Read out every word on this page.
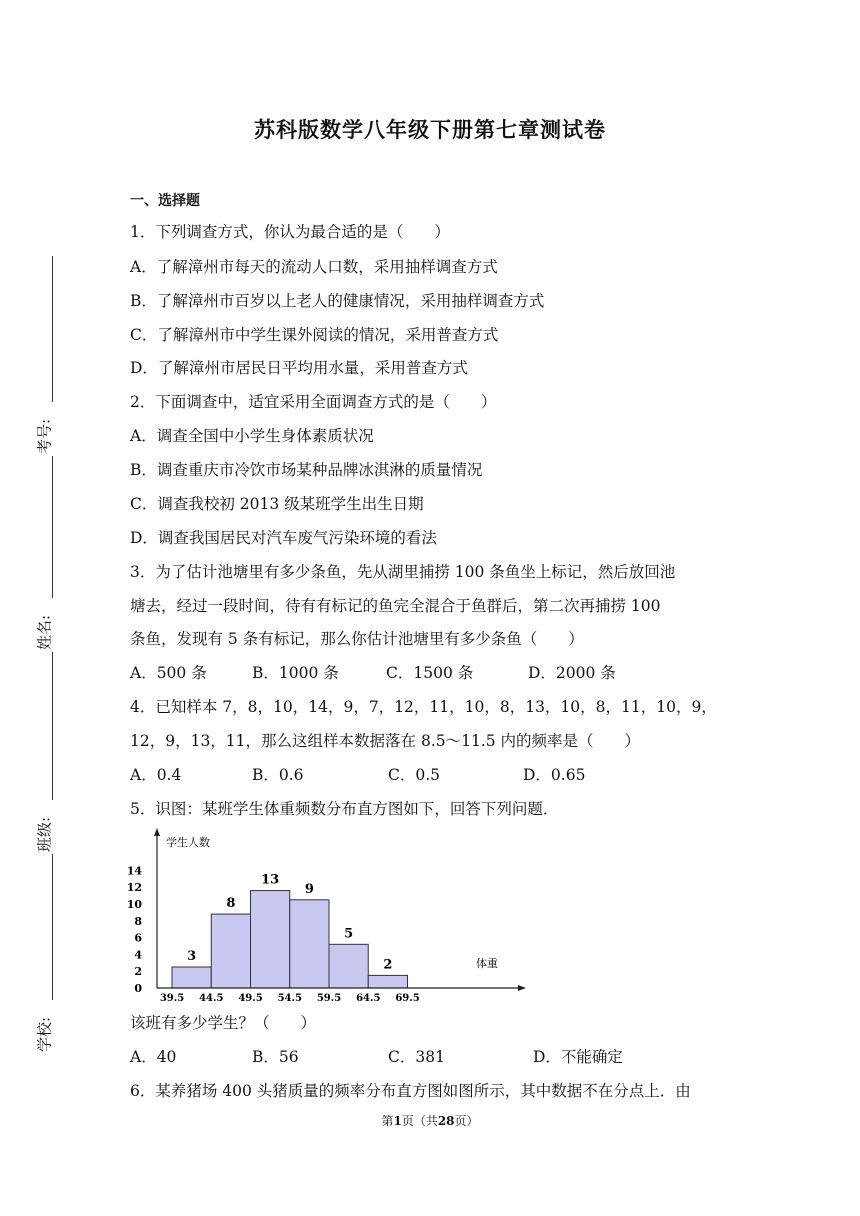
苏科版数学八年级下册第七章测试卷
考号:
姓名:
班级:
学校:
一、选择题
1．下列调查方式，你认为最合适的是（　　）
A．了解漳州市每天的流动人口数，采用抽样调查方式
B．了解漳州市百岁以上老人的健康情况，采用抽样调查方式
C．了解漳州市中学生课外阅读的情况，采用普查方式
D．了解漳州市居民日平均用水量，采用普查方式
2．下面调查中，适宜采用全面调查方式的是（　　）
A．调查全国中小学生身体素质状况
B．调查重庆市冷饮市场某种品牌冰淇淋的质量情况
C．调查我校初 2013 级某班学生出生日期
D．调查我国居民对汽车废气污染环境的看法
3．为了估计池塘里有多少条鱼，先从湖里捕捞 100 条鱼坐上标记，然后放回池
塘去，经过一段时间，待有有标记的鱼完全混合于鱼群后，第二次再捕捞 100
条鱼，发现有 5 条有标记，那么你估计池塘里有多少条鱼（　　）
A．500 条	B．1000 条	C．1500 条	D．2000 条
4．已知样本 7，8，10，14，9，7，12，11，10，8，13，10，8，11，10，9，
12，9，13，11，那么这组样本数据落在 8.5～11.5 内的频率是（　　）
A．0.4	B．0.6	C．0.5	D．0.65
5．识图：某班学生体重频数分布直方图如下，回答下列问题．
0
2
4
6
8
10
12
14
3
8
13
9
5
2
39.5 44.5 49.5 54.5 59.5 64.5 69.5
学生人数
体重
该班有多少学生？（　　）
A．40	B．56	C．381	D．不能确定
6．某养猪场 400 头猪质量的频率分布直方图如图所示，其中数据不在分点上．由
第1页（共28页）
